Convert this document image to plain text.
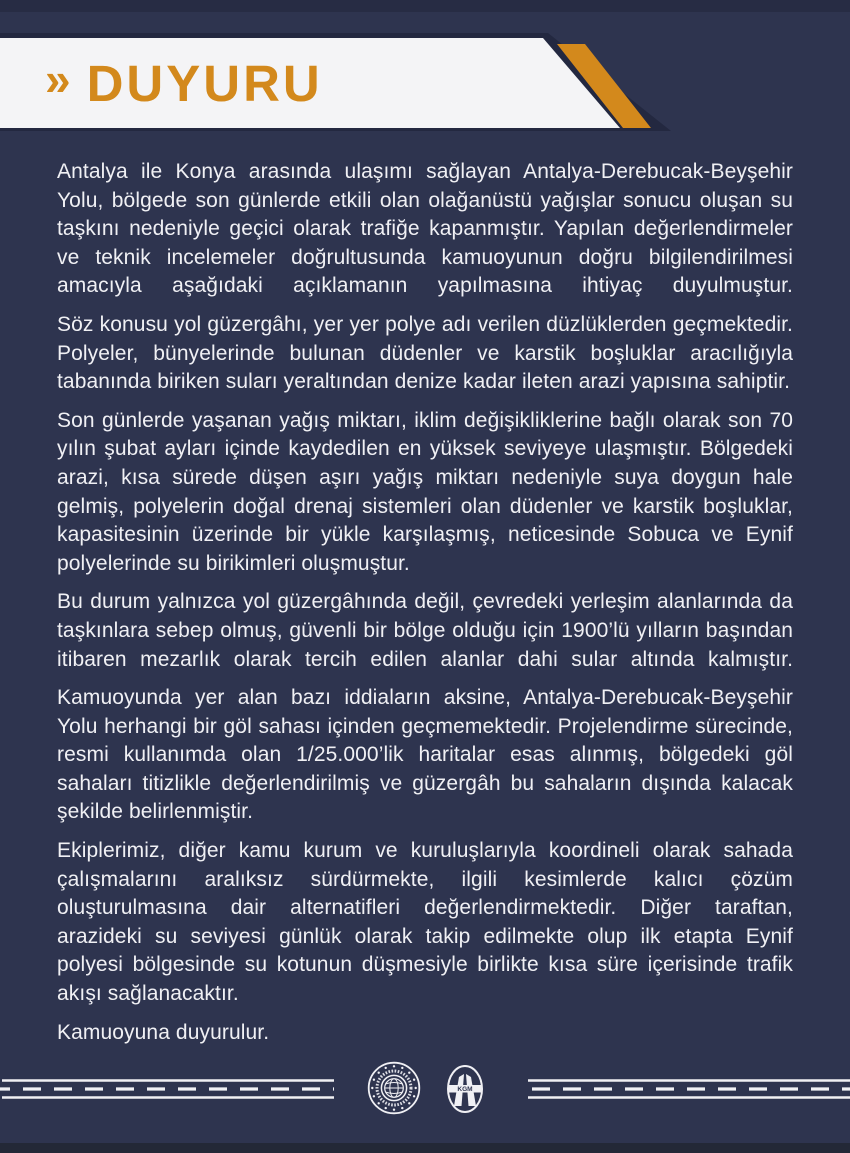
» DUYURU

Antalya ile Konya arasında ulaşımı sağlayan Antalya-Derebucak-Beyşehir Yolu, bölgede son günlerde etkili olan olağanüstü yağışlar sonucu oluşan su taşkını nedeniyle geçici olarak trafiğe kapanmıştır. Yapılan değerlendirmeler ve teknik incelemeler doğrultusunda kamuoyunun doğru bilgilendirilmesi amacıyla aşağıdaki açıklamanın yapılmasına ihtiyaç duyulmuştur.

Söz konusu yol güzergâhı, yer yer polye adı verilen düzlüklerden geçmektedir. Polyeler, bünyelerinde bulunan düdenler ve karstik boşluklar aracılığıyla tabanında biriken suları yeraltından denize kadar ileten arazi yapısına sahiptir.

Son günlerde yaşanan yağış miktarı, iklim değişikliklerine bağlı olarak son 70 yılın şubat ayları içinde kaydedilen en yüksek seviyeye ulaşmıştır. Bölgedeki arazi, kısa sürede düşen aşırı yağış miktarı nedeniyle suya doygun hale gelmiş, polyelerin doğal drenaj sistemleri olan düdenler ve karstik boşluklar, kapasitesinin üzerinde bir yükle karşılaşmış, neticesinde Sobuca ve Eynif polyelerinde su birikimleri oluşmuştur.

Bu durum yalnızca yol güzergâhında değil, çevredeki yerleşim alanlarında da taşkınlara sebep olmuş, güvenli bir bölge olduğu için 1900’lü yılların başından itibaren mezarlık olarak tercih edilen alanlar dahi sular altında kalmıştır.

Kamuoyunda yer alan bazı iddiaların aksine, Antalya-Derebucak-Beyşehir Yolu herhangi bir göl sahası içinden geçmemektedir. Projelendirme sürecinde, resmi kullanımda olan 1/25.000’lik haritalar esas alınmış, bölgedeki göl sahaları titizlikle değerlendirilmiş ve güzergâh bu sahaların dışında kalacak şekilde belirlenmiştir.

Ekiplerimiz, diğer kamu kurum ve kuruluşlarıyla koordineli olarak sahada çalışmalarını aralıksız sürdürmekte, ilgili kesimlerde kalıcı çözüm oluşturulmasına dair alternatifleri değerlendirmektedir. Diğer taraftan, arazideki su seviyesi günlük olarak takip edilmekte olup ilk etapta Eynif polyesi bölgesinde su kotunun düşmesiyle birlikte kısa süre içerisinde trafik akışı sağlanacaktır.

Kamuoyuna duyurulur.

KGM
